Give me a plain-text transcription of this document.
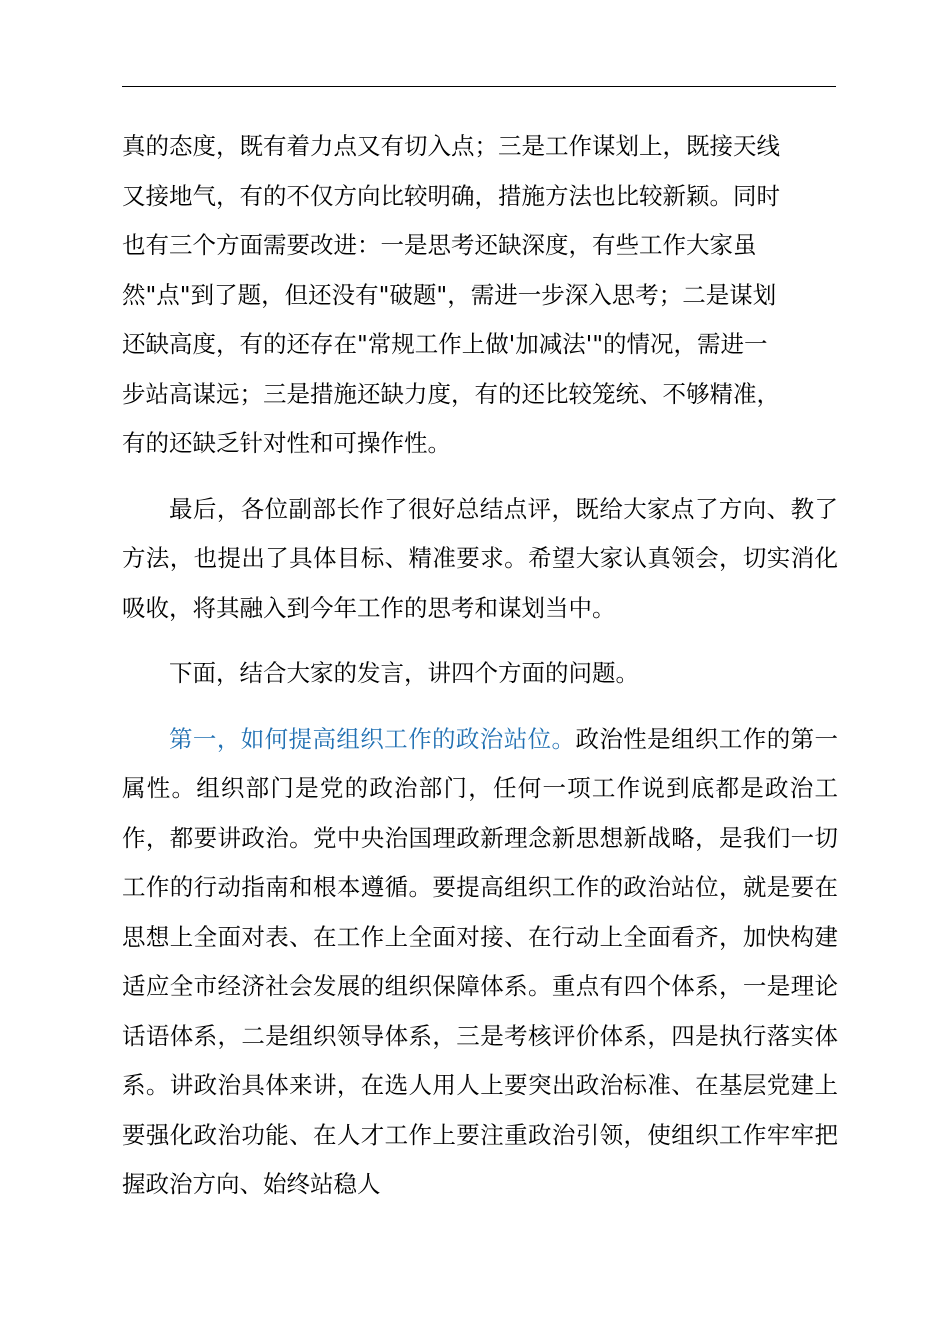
真的态度，既有着力点又有切入点；三是工作谋划上，既接天线
又接地气，有的不仅方向比较明确，措施方法也比较新颖。同时
也有三个方面需要改进：一是思考还缺深度，有些工作大家虽
然"点"到了题，但还没有"破题"，需进一步深入思考；二是谋划
还缺高度，有的还存在"常规工作上做'加减法'"的情况，需进一
步站高谋远；三是措施还缺力度，有的还比较笼统、不够精准，
有的还缺乏针对性和可操作性。

最后，各位副部长作了很好总结点评，既给大家点了方向、教了方法，也提出了具体目标、精准要求。希望大家认真领会，切实消化吸收，将其融入到今年工作的思考和谋划当中。

下面，结合大家的发言，讲四个方面的问题。

第一，如何提高组织工作的政治站位。政治性是组织工作的第一属性。组织部门是党的政治部门，任何一项工作说到底都是政治工作，都要讲政治。党中央治国理政新理念新思想新战略，是我们一切工作的行动指南和根本遵循。要提高组织工作的政治站位，就是要在思想上全面对表、在工作上全面对接、在行动上全面看齐，加快构建适应全市经济社会发展的组织保障体系。重点有四个体系，一是理论话语体系，二是组织领导体系，三是考核评价体系，四是执行落实体系。讲政治具体来讲，在选人用人上要突出政治标准、在基层党建上要强化政治功能、在人才工作上要注重政治引领，使组织工作牢牢把握政治方向、始终站稳人
